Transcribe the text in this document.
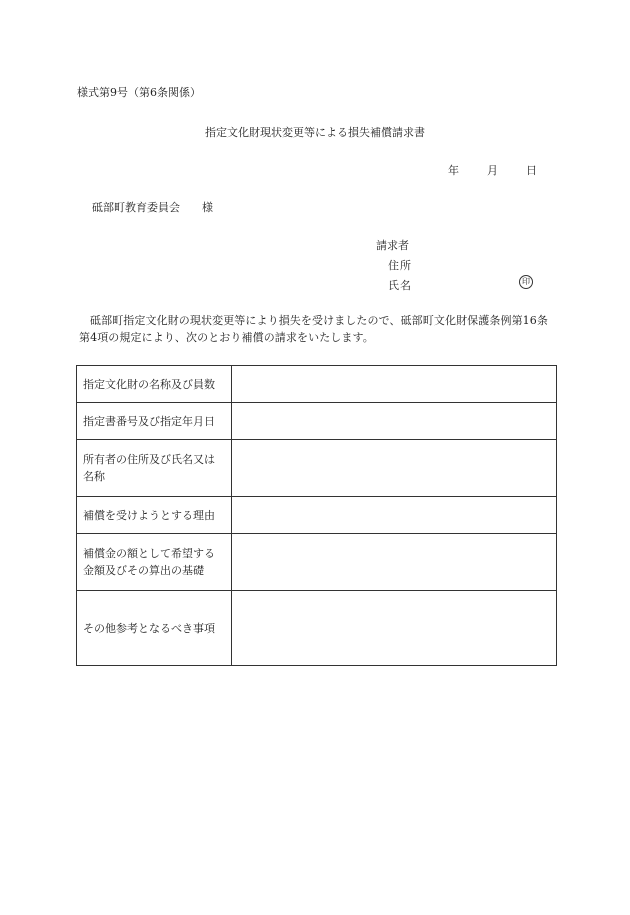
様式第9号（第6条関係）
指定文化財現状変更等による損失補償請求書
年	月	日
砥部町教育委員会 様
請求者
住所
氏名	印
砥部町指定文化財の現状変更等により損失を受けましたので、砥部町文化財保護条例第16条第4項の規定により、次のとおり補償の請求をいたします。
指定文化財の名称及び員数	
指定書番号及び指定年月日	
所有者の住所及び氏名又は名称	
補償を受けようとする理由	
補償金の額として希望する金額及びその算出の基礎	
その他参考となるべき事項	
